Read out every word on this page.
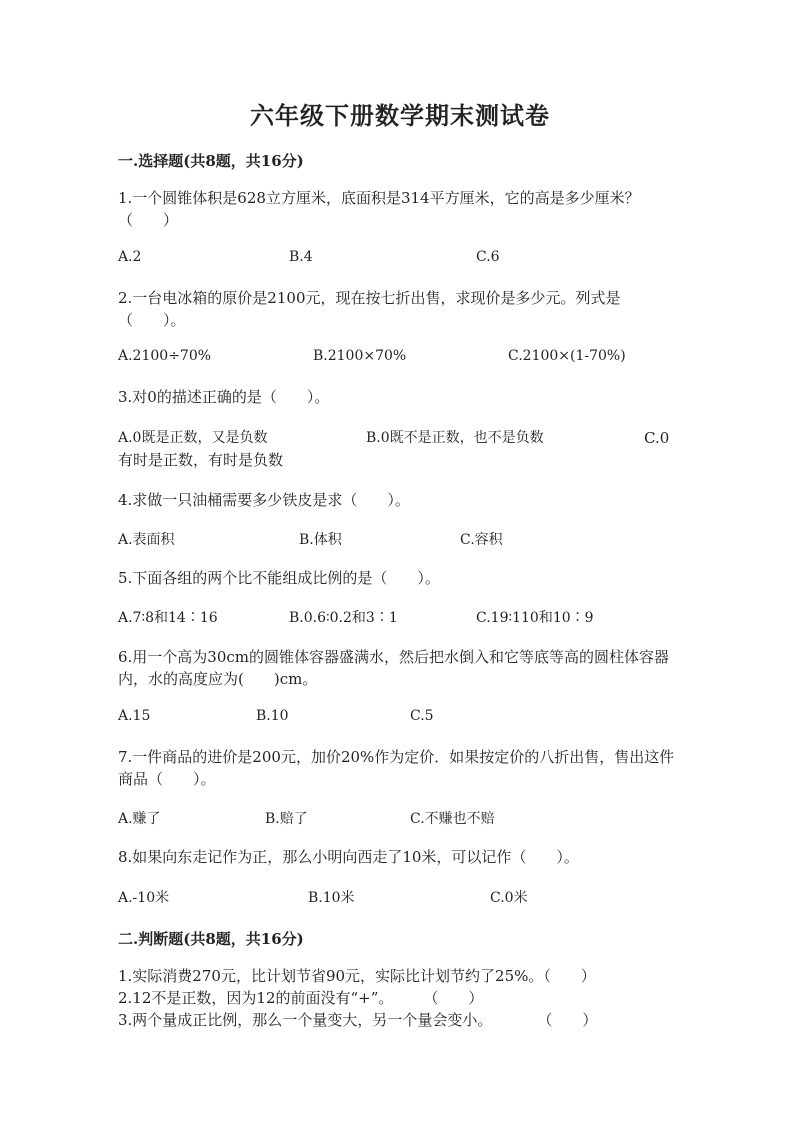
六年级下册数学期末测试卷
一.选择题(共8题，共16分)
1.一个圆锥体积是628立方厘米，底面积是314平方厘米，它的高是多少厘米？（　　）
A.2	B.4	C.6
2.一台电冰箱的原价是2100元，现在按七折出售，求现价是多少元。列式是（　　）。
A.2100÷70%	B.2100×70%	C.2100×(1-70%)
3.对0的描述正确的是（　　）。
A.0既是正数，又是负数	B.0既不是正数，也不是负数	C.0有时是正数，有时是负数
4.求做一只油桶需要多少铁皮是求（　　）。
A.表面积	B.体积	C.容积
5.下面各组的两个比不能组成比例的是（　　）。
A.7∶8和14∶16	B.0.6∶0.2和3∶1	C.19∶110和10∶9
6.用一个高为30cm的圆锥体容器盛满水，然后把水倒入和它等底等高的圆柱体容器内，水的高度应为(　　)cm。
A.15	B.10	C.5
7.一件商品的进价是200元，加价20%作为定价．如果按定价的八折出售，售出这件商品（　　）。
A.赚了	B.赔了	C.不赚也不赔
8.如果向东走记作为正，那么小明向西走了10米，可以记作（　　）。
A.-10米	B.10米	C.0米
二.判断题(共8题，共16分)
1.实际消费270元，比计划节省90元，实际比计划节约了25%。（　　）
2.12不是正数，因为12的前面没有“+”。　　　（　　）
3.两个量成正比例，那么一个量变大，另一个量会变小。　　　　（　　）
